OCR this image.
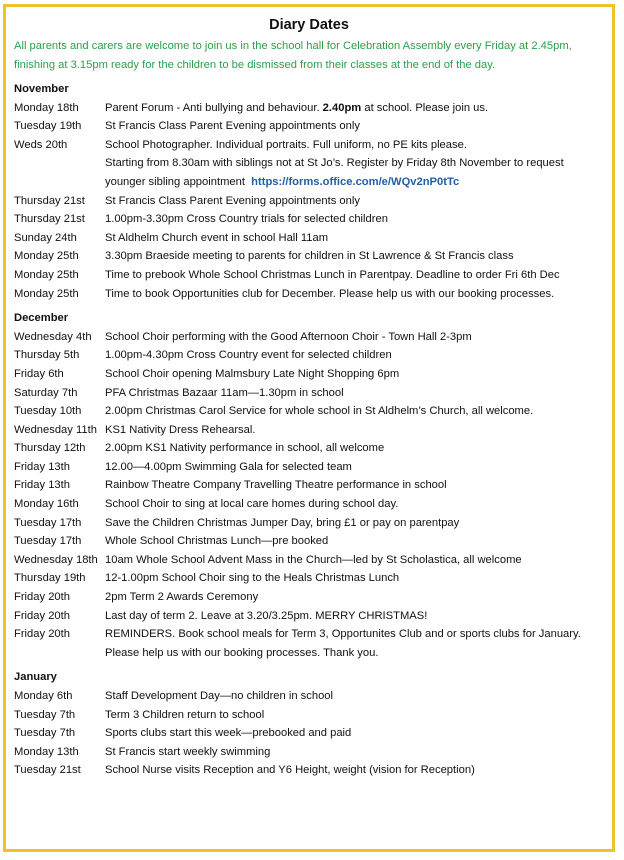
Diary Dates
All parents and carers are welcome to join us in the school hall for Celebration Assembly every Friday at 2.45pm, finishing at 3.15pm ready for the children to be dismissed from their classes at the end of the day.
November
Monday 18th	Parent Forum - Anti bullying and behaviour. 2.40pm at school. Please join us.
Tuesday 19th	St Francis Class Parent Evening appointments only
Weds 20th	School Photographer. Individual portraits. Full uniform, no PE kits please.
Starting from 8.30am with siblings not at St Jo’s. Register by Friday 8th November to request younger sibling appointment https://forms.office.com/e/WQv2nP0tTc
Thursday 21st	St Francis Class Parent Evening appointments only
Thursday 21st	1.00pm-3.30pm Cross Country trials for selected children
Sunday 24th	St Aldhelm Church event in school Hall 11am
Monday 25th	3.30pm Braeside meeting to parents for children in St Lawrence & St Francis class
Monday 25th	Time to prebook Whole School Christmas Lunch in Parentpay. Deadline to order Fri 6th Dec
Monday 25th	Time to book Opportunities club for December. Please help us with our booking processes.
December
Wednesday 4th	School Choir performing with the Good Afternoon Choir - Town Hall 2-3pm
Thursday 5th	1.00pm-4.30pm Cross Country event for selected children
Friday 6th	School Choir opening Malmsbury Late Night Shopping 6pm
Saturday 7th	PFA Christmas Bazaar 11am—1.30pm in school
Tuesday 10th	2.00pm Christmas Carol Service for whole school in St Aldhelm’s Church, all welcome.
Wednesday 11th KS1 Nativity Dress Rehearsal.
Thursday 12th	2.00pm KS1 Nativity performance in school, all welcome
Friday 13th	12.00—4.00pm Swimming Gala for selected team
Friday 13th	Rainbow Theatre Company Travelling Theatre performance in school
Monday 16th	School Choir to sing at local care homes during school day.
Tuesday 17th	Save the Children Christmas Jumper Day, bring £1 or pay on parentpay
Tuesday 17th	Whole School Christmas Lunch—pre booked
Wednesday 18th 10am Whole School Advent Mass in the Church—led by St Scholastica, all welcome
Thursday 19th	12-1.00pm School Choir sing to the Heals Christmas Lunch
Friday 20th	2pm Term 2 Awards Ceremony
Friday 20th	Last day of term 2. Leave at 3.20/3.25pm. MERRY CHRISTMAS!
Friday 20th	REMINDERS. Book school meals for Term 3, Opportunites Club and or sports clubs for January. Please help us with our booking processes. Thank you.
January
Monday 6th	Staff Development Day—no children in school
Tuesday 7th	Term 3 Children return to school
Tuesday 7th	Sports clubs start this week—prebooked and paid
Monday 13th	St Francis start weekly swimming
Tuesday 21st	School Nurse visits Reception and Y6 Height, weight (vision for Reception)
